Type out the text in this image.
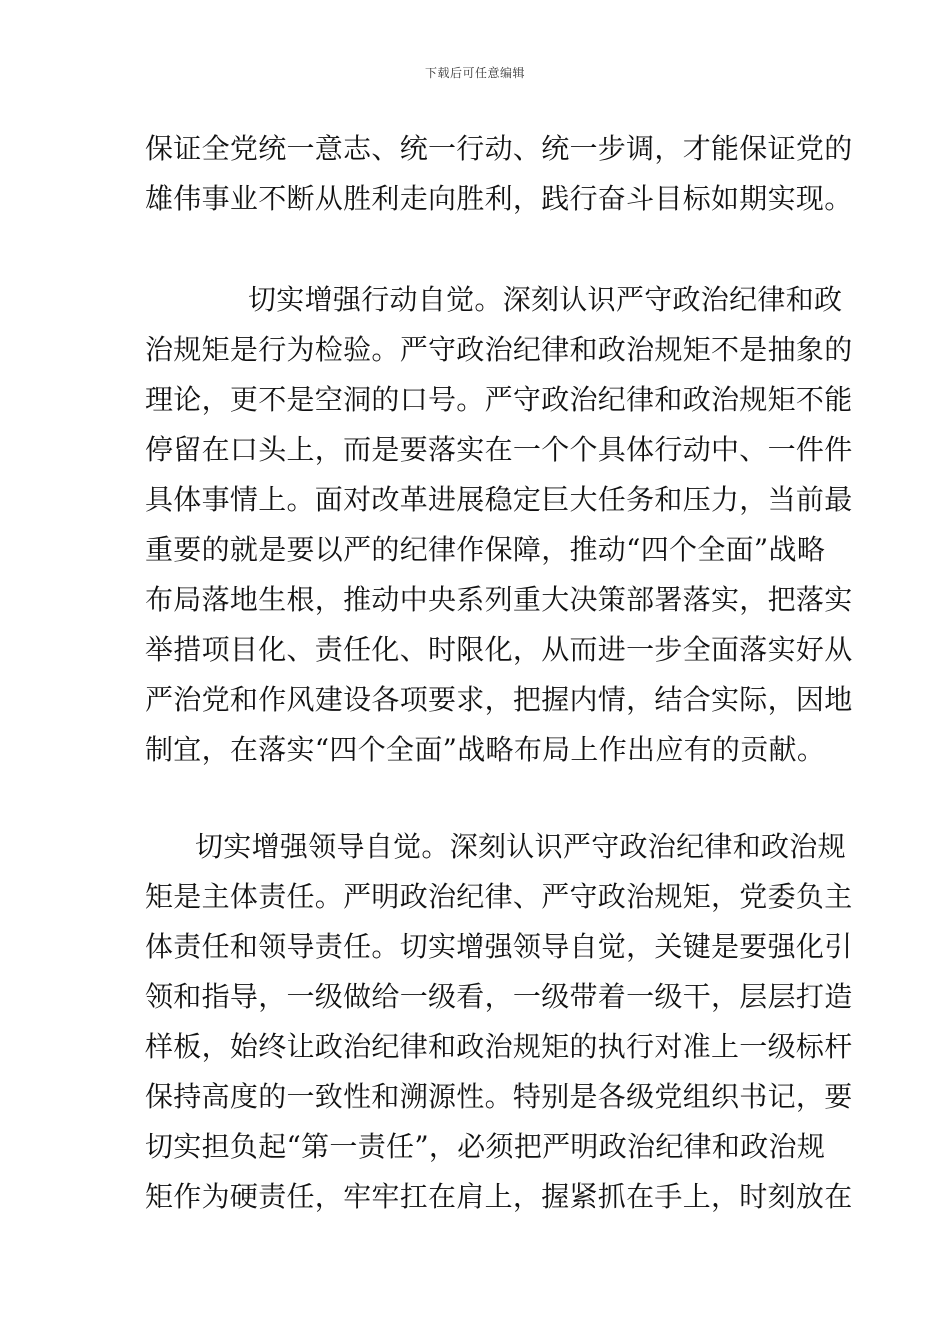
下载后可任意编辑
保证全党统一意志、统一行动、统一步调，才能保证党的
雄伟事业不断从胜利走向胜利，践行奋斗目标如期实现。
切实增强行动自觉。深刻认识严守政治纪律和政
治规矩是行为检验。严守政治纪律和政治规矩不是抽象的
理论，更不是空洞的口号。严守政治纪律和政治规矩不能
停留在口头上，而是要落实在一个个具体行动中、一件件
具体事情上。面对改革进展稳定巨大任务和压力，当前最
重要的就是要以严的纪律作保障，推动“四个全面”战略
布局落地生根，推动中央系列重大决策部署落实，把落实
举措项目化、责任化、时限化，从而进一步全面落实好从
严治党和作风建设各项要求，把握内情，结合实际，因地
制宜，在落实“四个全面”战略布局上作出应有的贡献。
切实增强领导自觉。深刻认识严守政治纪律和政治规
矩是主体责任。严明政治纪律、严守政治规矩，党委负主
体责任和领导责任。切实增强领导自觉，关键是要强化引
领和指导，一级做给一级看，一级带着一级干，层层打造
样板，始终让政治纪律和政治规矩的执行对准上一级标杆
保持高度的一致性和溯源性。特别是各级党组织书记，要
切实担负起“第一责任”，必须把严明政治纪律和政治规
矩作为硬责任，牢牢扛在肩上，握紧抓在手上，时刻放在
